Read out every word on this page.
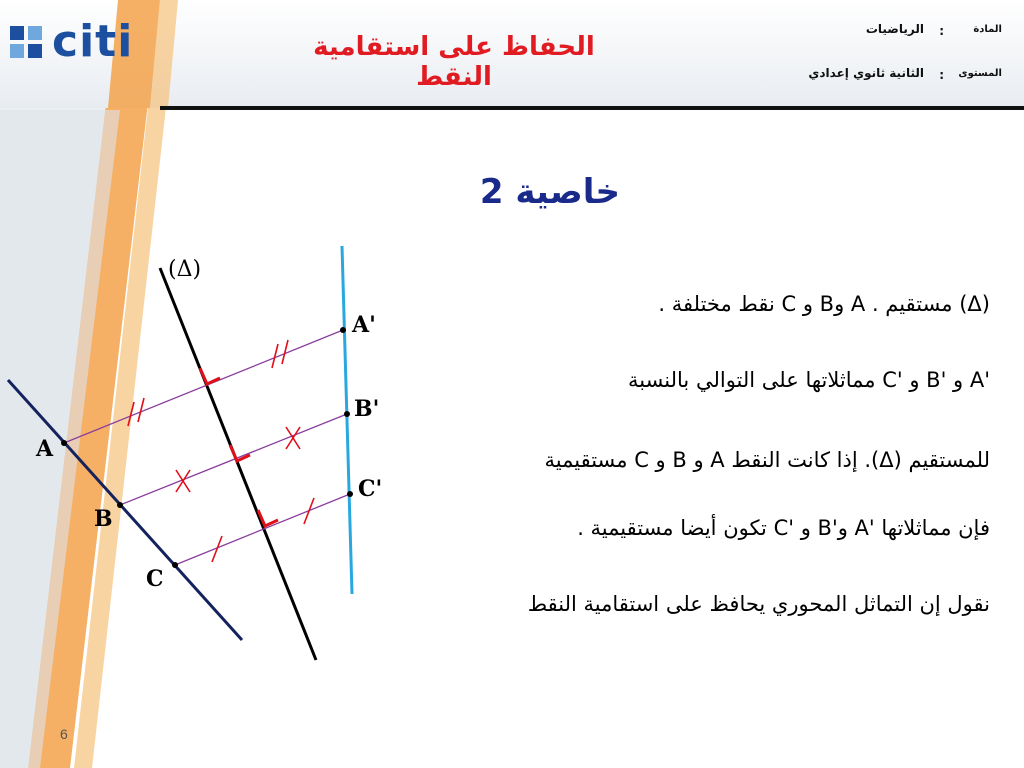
citi	الحفاظ على استقامية النقط
المادة
:
الرياضيات
المستوى
:
الثانية ثانوي إعدادي
خاصية 2
(Δ) مستقيم . A وB و C نقط مختلفة .
'A و 'B و 'C مماثلاتها على التوالي بالنسبة
للمستقيم (Δ). إذا كانت النقط A و B و C مستقيمية
فإن مماثلاتها 'A و'B و 'C تكون أيضا مستقيمية .
نقول إن التماثل المحوري يحافظ على استقامية النقط
(Δ)
A
B
C
A'
B'
C'
6
